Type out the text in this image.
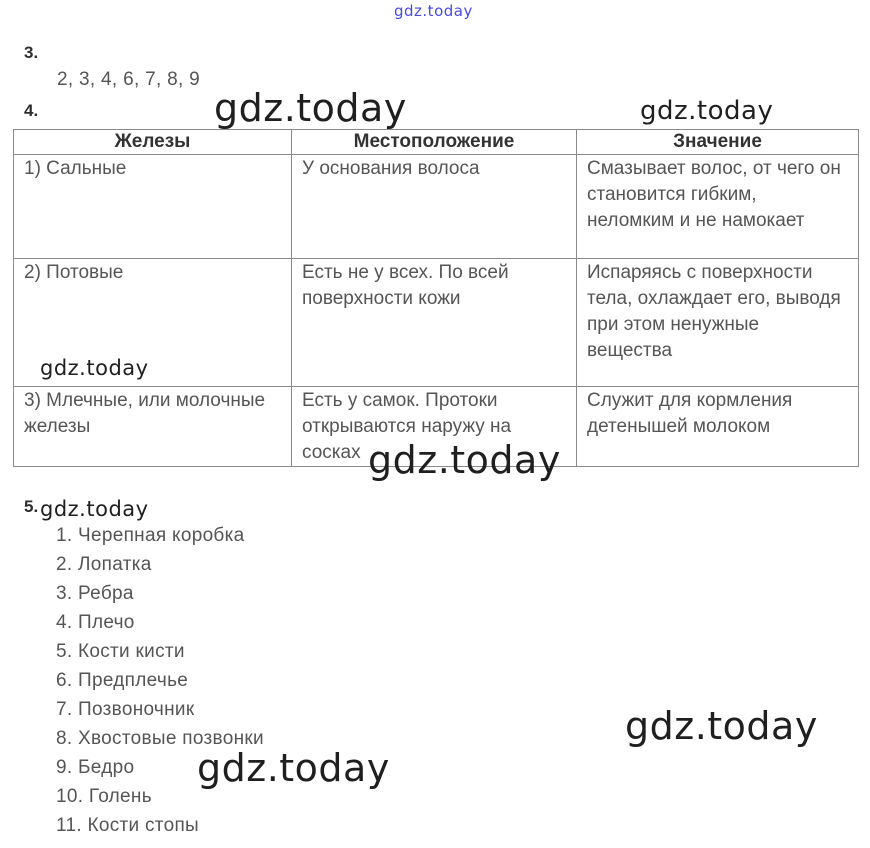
gdz.today
3.
2, 3, 4, 6, 7, 8, 9
4.
Железы	Местоположение	Значение
1) Сальные	У основания волоса	Смазывает волос, от чего он становится гибким, неломким и не намокает
2) Потовые	Есть не у всех. По всей поверхности кожи	Испаряясь с поверхности тела, охлаждает его, выводя при этом ненужные вещества
3) Млечные, или молочные железы	Есть у самок. Протоки открываются наружу на сосках	Служит для кормления детенышей молоком
5.
1. Черепная коробка
2. Лопатка
3. Ребра
4. Плечо
5. Кости кисти
6. Предплечье
7. Позвоночник
8. Хвостовые позвонки
9. Бедро
10. Голень
11. Кости стопы
gdz.today	gdz.today
gdz.today
gdz.today
gdz.today
gdz.today
gdz.today
